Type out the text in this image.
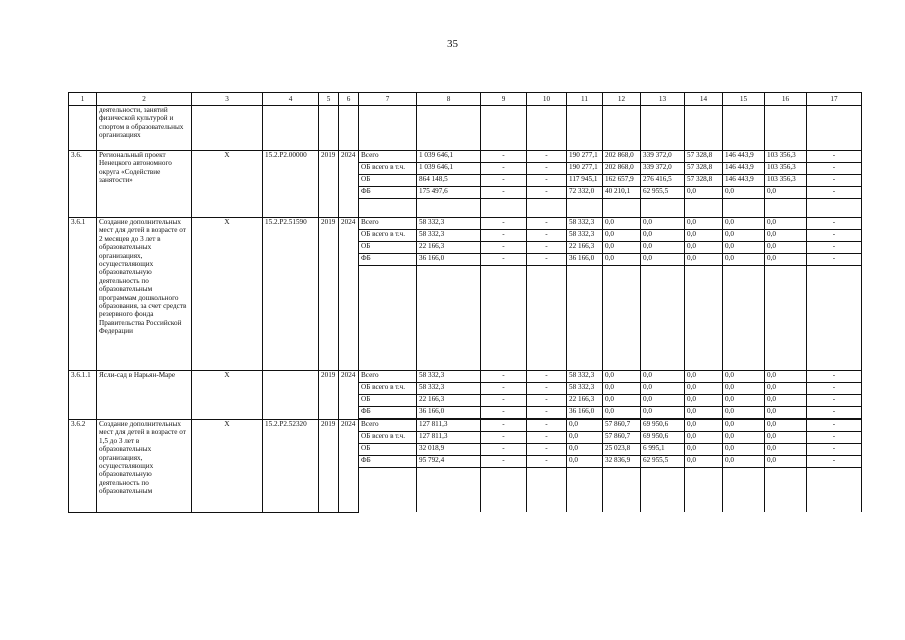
35
1	2	3	4	5	6	7	8	9	10	11	12	13	14	15	16	17
	деятельности, занятий физической культурой и спортом в образовательных организациях															
3.6.	Региональный проект Ненецкого автономного округа «Содействие занятости»	Х	15.2.Р2.00000	2019	2024	Всего	1 039 646,1	-	-	190 277,1	202 868,0	339 372,0	57 328,8	146 443,9	103 356,3	-
						ОБ всего в т.ч.	1 039 646,1	-	-	190 277,1	202 868,0	339 372,0	57 328,8	146 443,9	103 356,3	-
						ОБ	864 148,5	-	-	117 945,1	162 657,9	276 416,5	57 328,8	146 443,9	103 356,3	-
						ФБ	175 497,6	-	-	72 332,0	40 210,1	62 955,5	0,0	0,0	0,0	-

3.6.1	Создание дополнительных мест для детей в возрасте от 2 месяцев до 3 лет в образовательных организациях, осуществляющих образовательную деятельность по образовательным программам дошкольного образования, за счет средств резервного фонда Правительства Российской Федерации	Х	15.2.Р2.51590	2019	2024	Всего	58 332,3	-	-	58 332,3	0,0	0,0	0,0	0,0	0,0	-
						ОБ всего в т.ч.	58 332,3	-	-	58 332,3	0,0	0,0	0,0	0,0	0,0	-
						ОБ	22 166,3	-	-	22 166,3	0,0	0,0	0,0	0,0	0,0	-
						ФБ	36 166,0	-	-	36 166,0	0,0	0,0	0,0	0,0	0,0	-

3.6.1.1	Ясли-сад в Нарьян-Маре	Х		2019	2024	Всего	58 332,3	-	-	58 332,3	0,0	0,0	0,0	0,0	0,0	-
						ОБ всего в т.ч.	58 332,3	-	-	58 332,3	0,0	0,0	0,0	0,0	0,0	-
						ОБ	22 166,3	-	-	22 166,3	0,0	0,0	0,0	0,0	0,0	-
						ФБ	36 166,0	-	-	36 166,0	0,0	0,0	0,0	0,0	0,0	-

3.6.2	Создание дополнительных мест для детей в возрасте от 1,5 до 3 лет в образовательных организациях, осуществляющих образовательную деятельность по образовательным	Х	15.2.Р2.52320	2019	2024	Всего	127 811,3	-	-	0,0	57 860,7	69 950,6	0,0	0,0	0,0	-
						ОБ всего в т.ч.	127 811,3	-	-	0,0	57 860,7	69 950,6	0,0	0,0	0,0	-
						ОБ	32 018,9	-	-	0,0	25 023,8	6 995,1	0,0	0,0	0,0	-
						ФБ	95 792,4	-	-	0,0	32 836,9	62 955,5	0,0	0,0	0,0	-
